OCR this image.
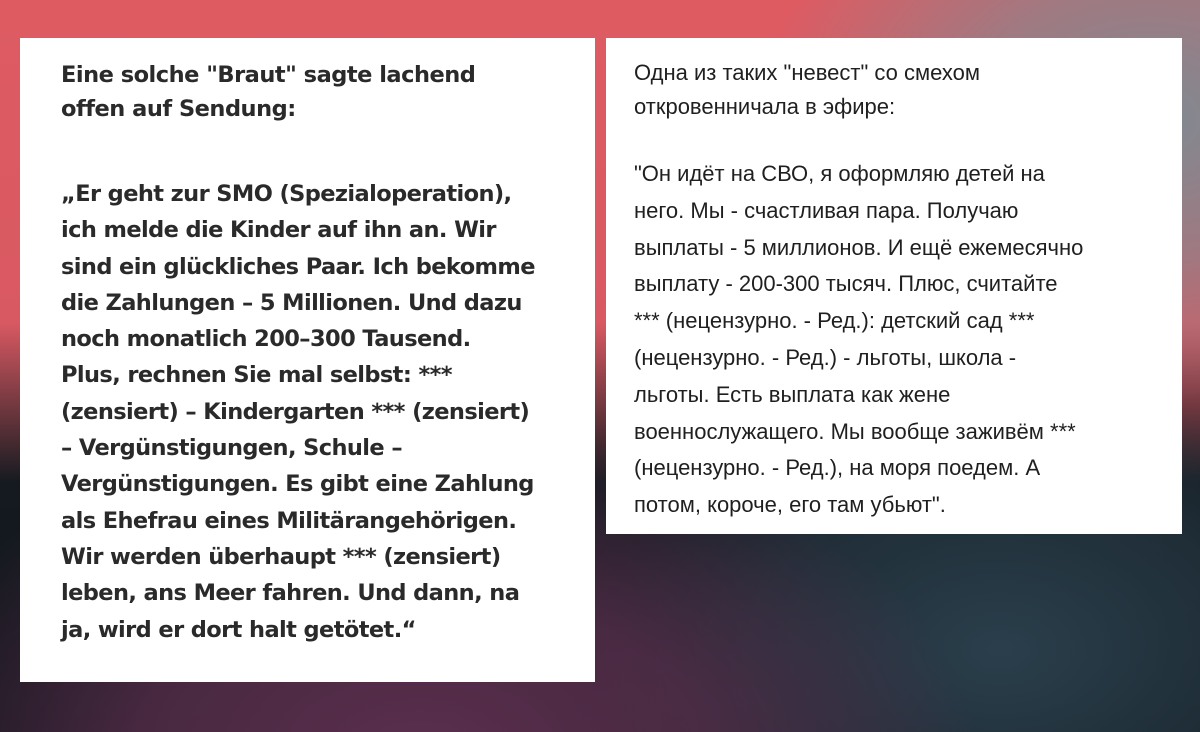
Eine solche "Braut" sagte lachend
offen auf Sendung:

„Er geht zur SMO (Spezialoperation),
ich melde die Kinder auf ihn an. Wir
sind ein glückliches Paar. Ich bekomme
die Zahlungen – 5 Millionen. Und dazu
noch monatlich 200–300 Tausend.
Plus, rechnen Sie mal selbst: ***
(zensiert) – Kindergarten *** (zensiert)
– Vergünstigungen, Schule –
Vergünstigungen. Es gibt eine Zahlung
als Ehefrau eines Militärangehörigen.
Wir werden überhaupt *** (zensiert)
leben, ans Meer fahren. Und dann, na
ja, wird er dort halt getötet.“

Одна из таких "невест" со смехом
откровенничала в эфире:

"Он идёт на СВО, я оформляю детей на
него. Мы - счастливая пара. Получаю
выплаты - 5 миллионов. И ещё ежемесячно
выплату - 200-300 тысяч. Плюс, считайте
*** (нецензурно. - Ред.): детский сад ***
(нецензурно. - Ред.) - льготы, школа -
льготы. Есть выплата как жене
военнослужащего. Мы вообще заживём ***
(нецензурно. - Ред.), на моря поедем. А
потом, короче, его там убьют".
